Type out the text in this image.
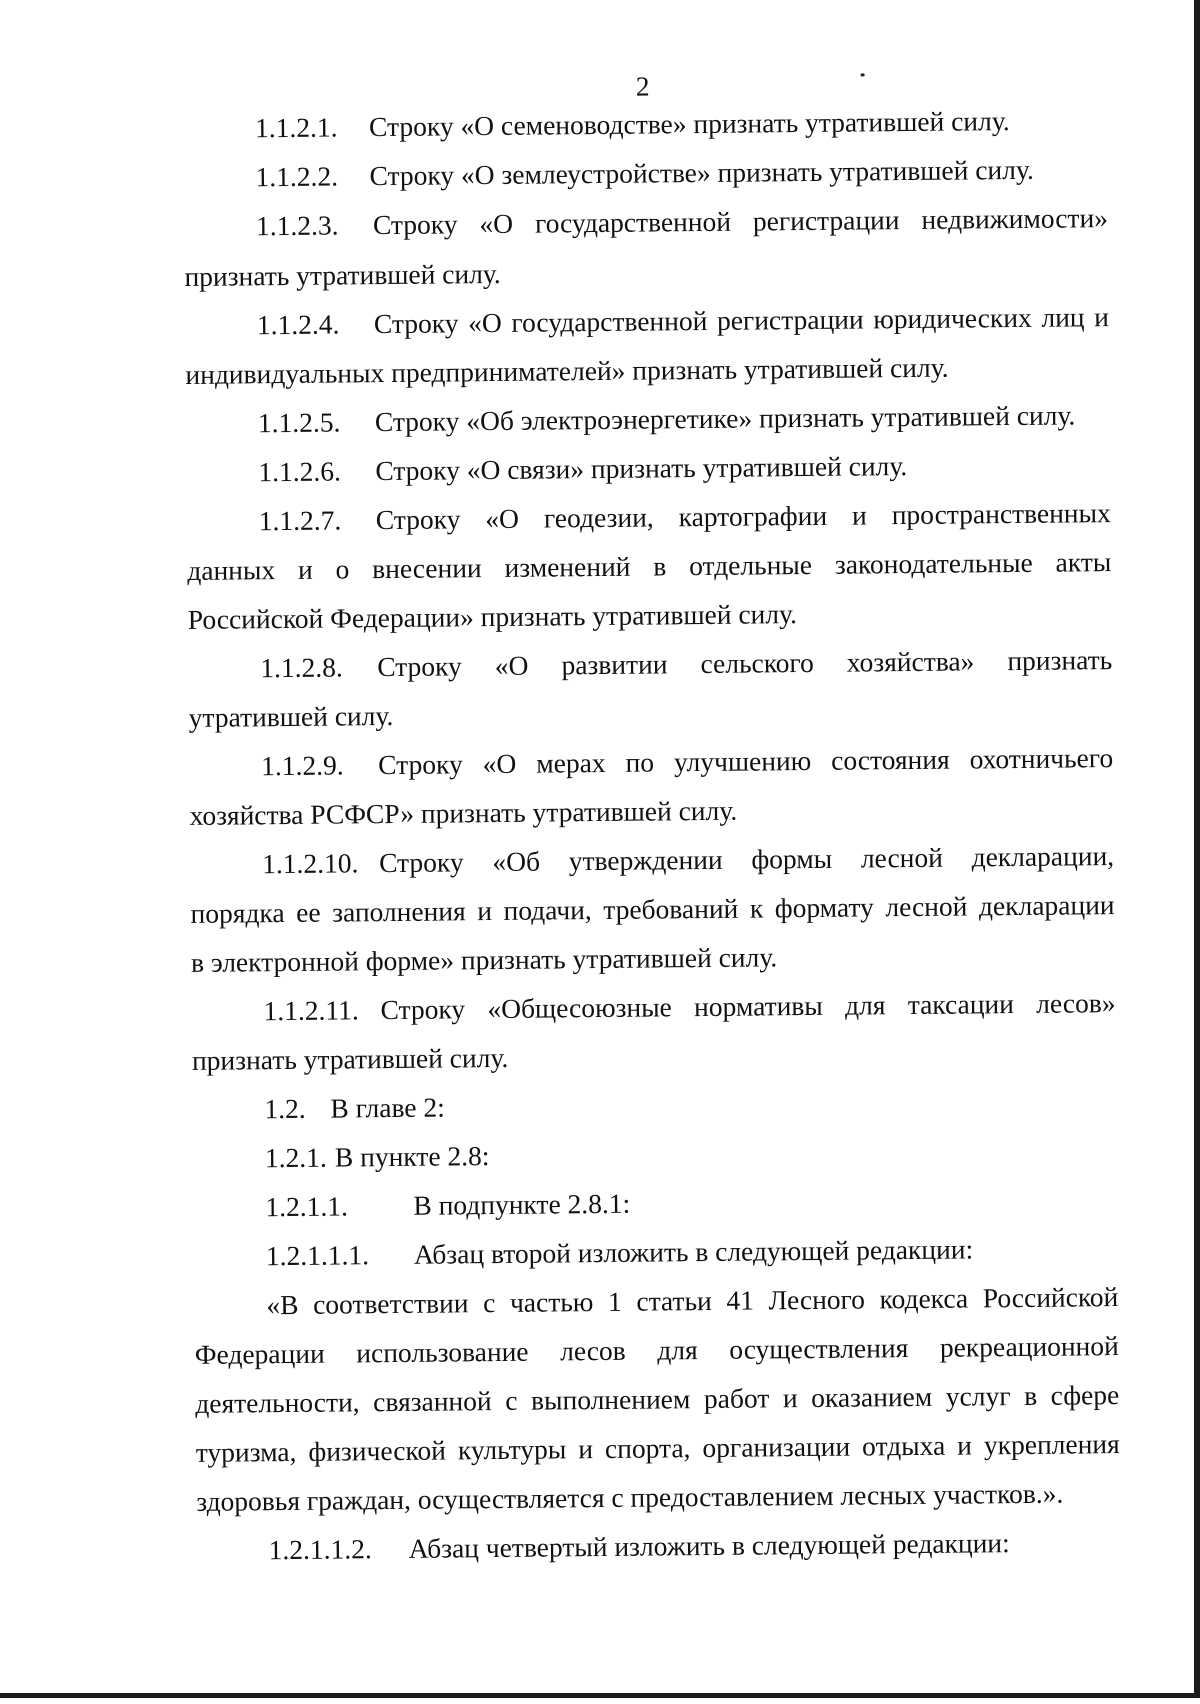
2
1.1.2.1. Строку «О семеноводстве» признать утратившей силу.
1.1.2.2. Строку «О землеустройстве» признать утратившей силу.
1.1.2.3. Строку «О государственной регистрации недвижимости»
признать утратившей силу.
1.1.2.4. Строку «О государственной регистрации юридических лиц и
индивидуальных предпринимателей» признать утратившей силу.
1.1.2.5. Строку «Об электроэнергетике» признать утратившей силу.
1.1.2.6. Строку «О связи» признать утратившей силу.
1.1.2.7. Строку «О геодезии, картографии и пространственных
данных и о внесении изменений в отдельные законодательные акты
Российской Федерации» признать утратившей силу.
1.1.2.8. Строку «О развитии сельского хозяйства» признать
утратившей силу.
1.1.2.9. Строку «О мерах по улучшению состояния охотничьего
хозяйства РСФСР» признать утратившей силу.
1.1.2.10. Строку «Об утверждении формы лесной декларации,
порядка ее заполнения и подачи, требований к формату лесной декларации
в электронной форме» признать утратившей силу.
1.1.2.11. Строку «Общесоюзные нормативы для таксации лесов»
признать утратившей силу.
1.2. В главе 2:
1.2.1. В пункте 2.8:
1.2.1.1. В подпункте 2.8.1:
1.2.1.1.1. Абзац второй изложить в следующей редакции:
«В соответствии с частью 1 статьи 41 Лесного кодекса Российской
Федерации использование лесов для осуществления рекреационной
деятельности, связанной с выполнением работ и оказанием услуг в сфере
туризма, физической культуры и спорта, организации отдыха и укрепления
здоровья граждан, осуществляется с предоставлением лесных участков.».
1.2.1.1.2. Абзац четвертый изложить в следующей редакции:
